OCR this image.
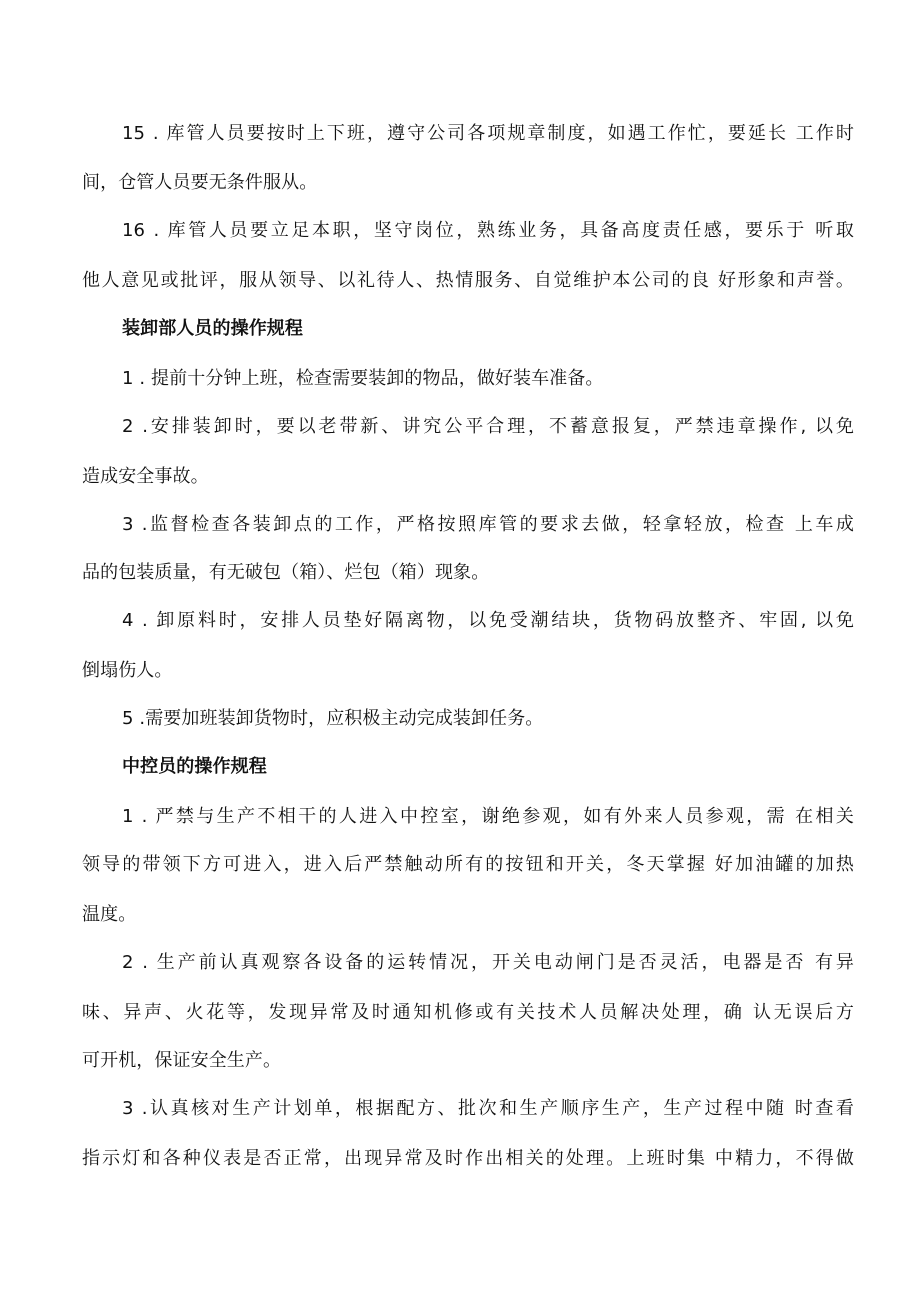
15 . 库管人员要按时上下班，遵守公司各项规章制度，如遇工作忙，要延长 工作时
间，仓管人员要无条件服从。
16 . 库管人员要立足本职，坚守岗位，熟练业务，具备高度责任感，要乐于 听取
他人意见或批评，服从领导、以礼待人、热情服务、自觉维护本公司的良 好形象和声誉。
装卸部人员的操作规程
1 . 提前十分钟上班，检查需要装卸的物品，做好装车准备。
2 .安排装卸时，要以老带新、讲究公平合理，不蓄意报复，严禁违章操作, 以免
造成安全事故。
3 .监督检查各装卸点的工作，严格按照库管的要求去做，轻拿轻放，检查 上车成
品的包装质量，有无破包（箱）、烂包（箱）现象。
4 . 卸原料时，安排人员垫好隔离物，以免受潮结块，货物码放整齐、牢固, 以免
倒塌伤人。
5 .需要加班装卸货物时，应积极主动完成装卸任务。
中控员的操作规程
1 . 严禁与生产不相干的人进入中控室，谢绝参观，如有外来人员参观，需 在相关
领导的带领下方可进入，进入后严禁触动所有的按钮和开关，冬天掌握 好加油罐的加热
温度。
2 . 生产前认真观察各设备的运转情况，开关电动闸门是否灵活，电器是否 有异
味、异声、火花等，发现异常及时通知机修或有关技术人员解决处理，确 认无误后方
可开机，保证安全生产。
3 .认真核对生产计划单，根据配方、批次和生产顺序生产，生产过程中随 时查看
指示灯和各种仪表是否正常，出现异常及时作出相关的处理。上班时集 中精力，不得做
